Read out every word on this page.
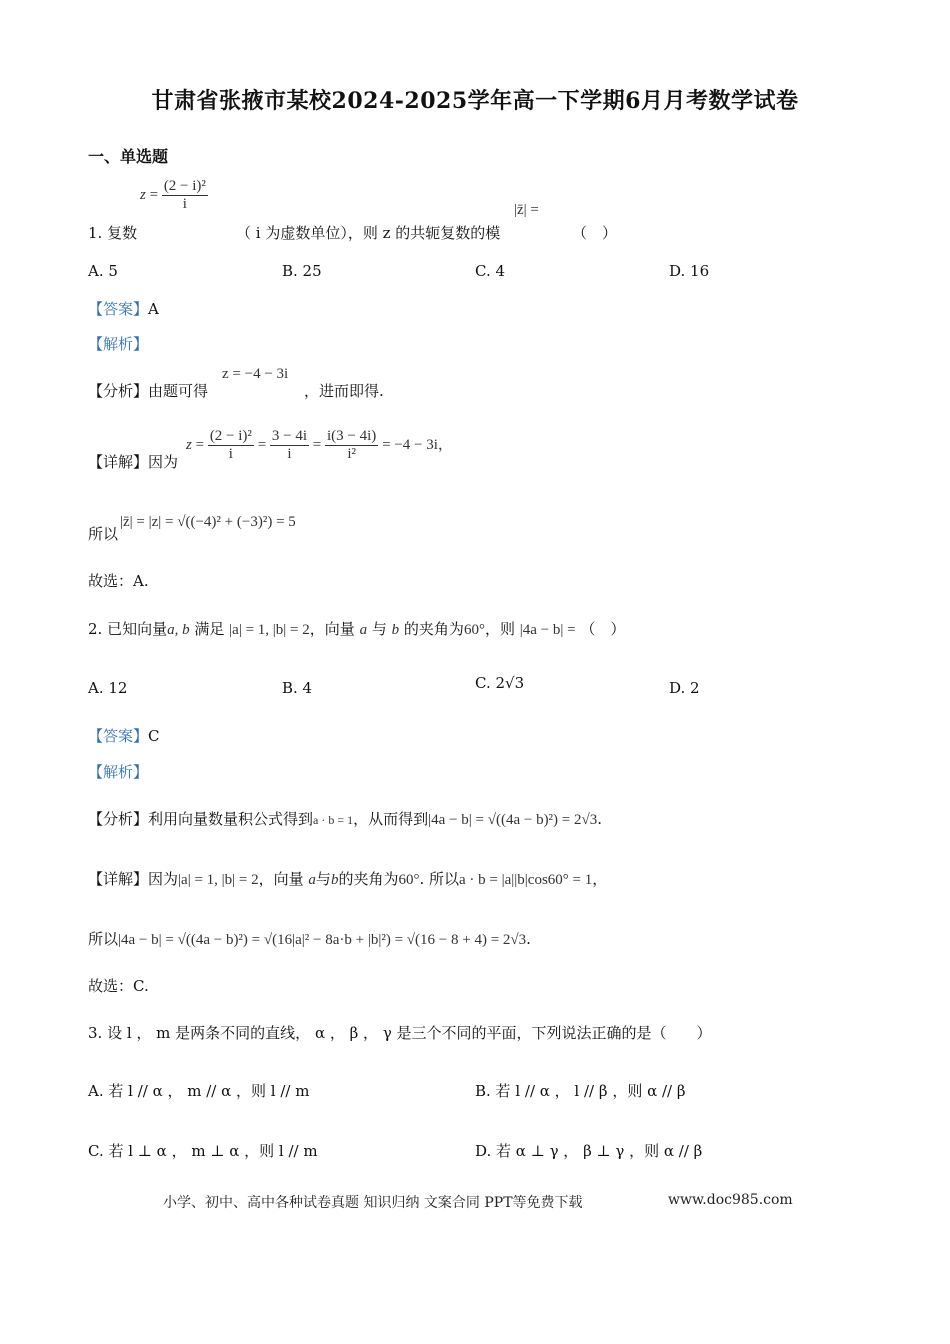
甘肃省张掖市某校2024-2025学年高一下学期6月月考数学试卷
一、单选题
1. 复数
$z = \frac{\text{(2 − i)²}}{i}$
（ i 为虚数单位），则 z 的共轭复数的模
|z̄| =
（　）
A. 5	B. 25	C. 4	D. 16
【答案】A
【解析】
【分析】由题可得
z = −4 − 3i
，进而即得.
【详解】因为
$z = \frac{\text{(2 − i)²}}{i} = \frac{3 - 4i}{i} = \frac{i(3 - 4i)}{\text{i²}} = -4 - 3i$，
所以
|z̄| = |z| = √((−4)² + (−3)²) = 5
故选：A.
2. 已知向量a, b 满足 |a| = 1, |b| = 2，向量 a 与 b 的夹角为60°，则 |4a − b| = （　）
A. 12	B. 4	C. 2√3	D. 2
【答案】C
【解析】
【分析】利用向量数量积公式得到a · b = 1，从而得到|4a − b| = √((4a − b)²) = 2√3.
【详解】因为|a| = 1, |b| = 2，向量 a与b的夹角为60°. 所以a · b = |a||b|cos60° = 1，
所以|4a − b| = √((4a − b)²) = √(16|a|² − 8a·b + |b|²) = √(16 − 8 + 4) = 2√3.
故选：C.
3. 设 l ， m 是两条不同的直线， α ， β ， γ 是三个不同的平面，下列说法正确的是（　　）
A. 若 l // α ， m // α ，则 l // m	B. 若 l // α ， l // β ，则 α // β
C. 若 l ⊥ α ， m ⊥ α ，则 l // m	D. 若 α ⊥ γ ， β ⊥ γ ，则 α // β
小学、初中、高中各种试卷真题 知识归纳 文案合同 PPT等免费下载	www.doc985.com
